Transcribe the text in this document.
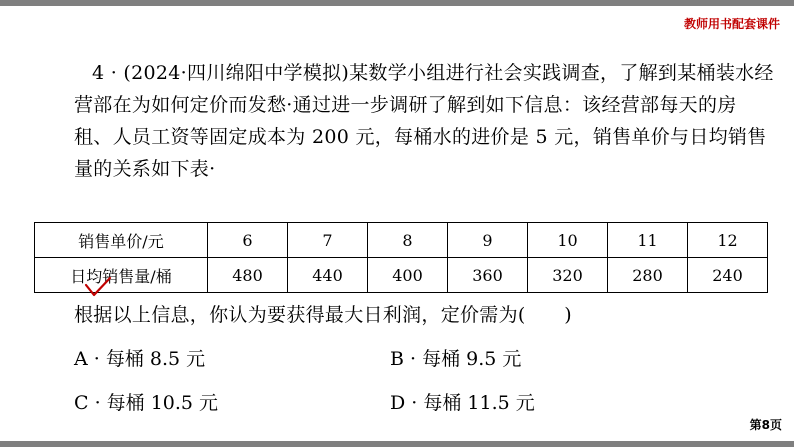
教师用书配套课件
4 · (2024·四川绵阳中学模拟)某数学小组进行社会实践调查，了解到某桶装水经营部在为如何定价而发愁·通过进一步调研了解到如下信息：该经营部每天的房租、人员工资等固定成本为 200 元，每桶水的进价是 5 元，销售单价与日均销售量的关系如下表·
销售单价/元	6	7	8	9	10	11	12
日均销售量/桶	480	440	400	360	320	280	240
根据以上信息，你认为要获得最大日利润，定价需为(　　)
A · 每桶 8.5 元	B · 每桶 9.5 元
C · 每桶 10.5 元	D · 每桶 11.5 元
第8页
